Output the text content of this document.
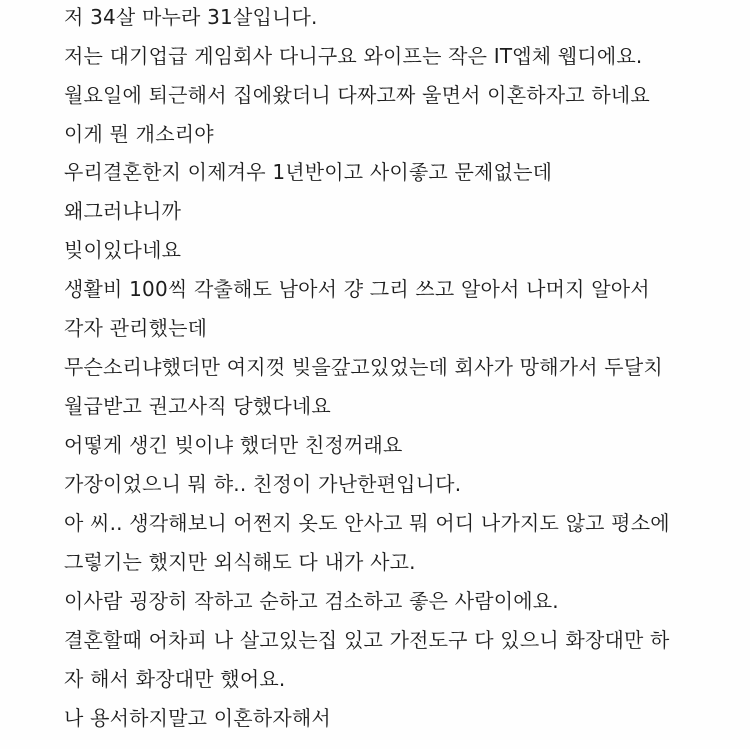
저 34살 마누라 31살입니다.
저는 대기업급 게임회사 다니구요 와이프는 작은 IT엡체 웹디에요.
월요일에 퇴근해서 집에왔더니 다짜고짜 울면서 이혼하자고 하네요
이게 뭔 개소리야
우리결혼한지 이제겨우 1년반이고 사이좋고 문제없는데
왜그러냐니까
빚이있다네요
생활비 100씩 각출해도 남아서 걍 그리 쓰고 알아서 나머지 알아서
각자 관리했는데
무슨소리냐했더만 여지껏 빚을갚고있었는데 회사가 망해가서 두달치
월급받고 권고사직 당했다네요
어떻게 생긴 빚이냐 했더만 친정꺼래요
가장이었으니 뭐 햐.. 친정이 가난한편입니다.
아 씨.. 생각해보니 어쩐지 옷도 안사고 뭐 어디 나가지도 않고 평소에
그렇기는 했지만 외식해도 다 내가 사고.
이사람 굉장히 작하고 순하고 검소하고 좋은 사람이에요.
결혼할때 어차피 나 살고있는집 있고 가전도구 다 있으니 화장대만 하
자 해서 화장대만 했어요.
나 용서하지말고 이혼하자해서
